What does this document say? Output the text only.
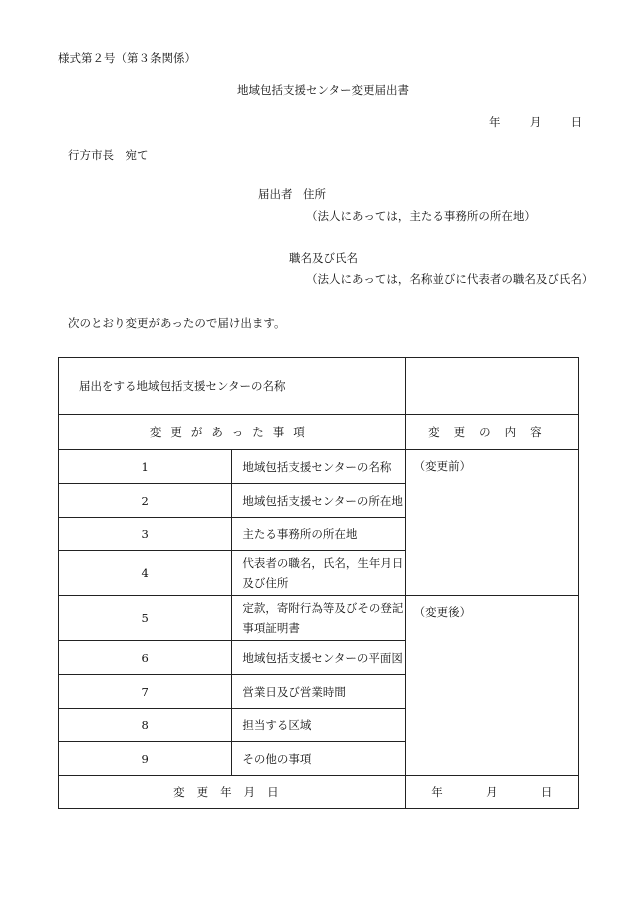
様式第２号（第３条関係）
地域包括支援センター変更届出書
年	月	日
行方市長　宛て
届出者 住所
（法人にあっては，主たる事務所の所在地）
職名及び氏名
（法人にあっては，名称並びに代表者の職名及び氏名）
次のとおり変更があったので届け出ます。
届出をする地域包括支援センターの名称		
変更があった事項		変更の内容
1	地域包括支援センターの名称	（変更前）
2	地域包括支援センターの所在地	
3	主たる事務所の所在地	
4	代表者の職名，氏名，生年月日及び住所	
5	定款，寄附行為等及びその登記事項証明書	（変更後）
6	地域包括支援センターの平面図	
7	営業日及び営業時間	
8	担当する区域	
9	その他の事項	
変更年月日		年 月 日
